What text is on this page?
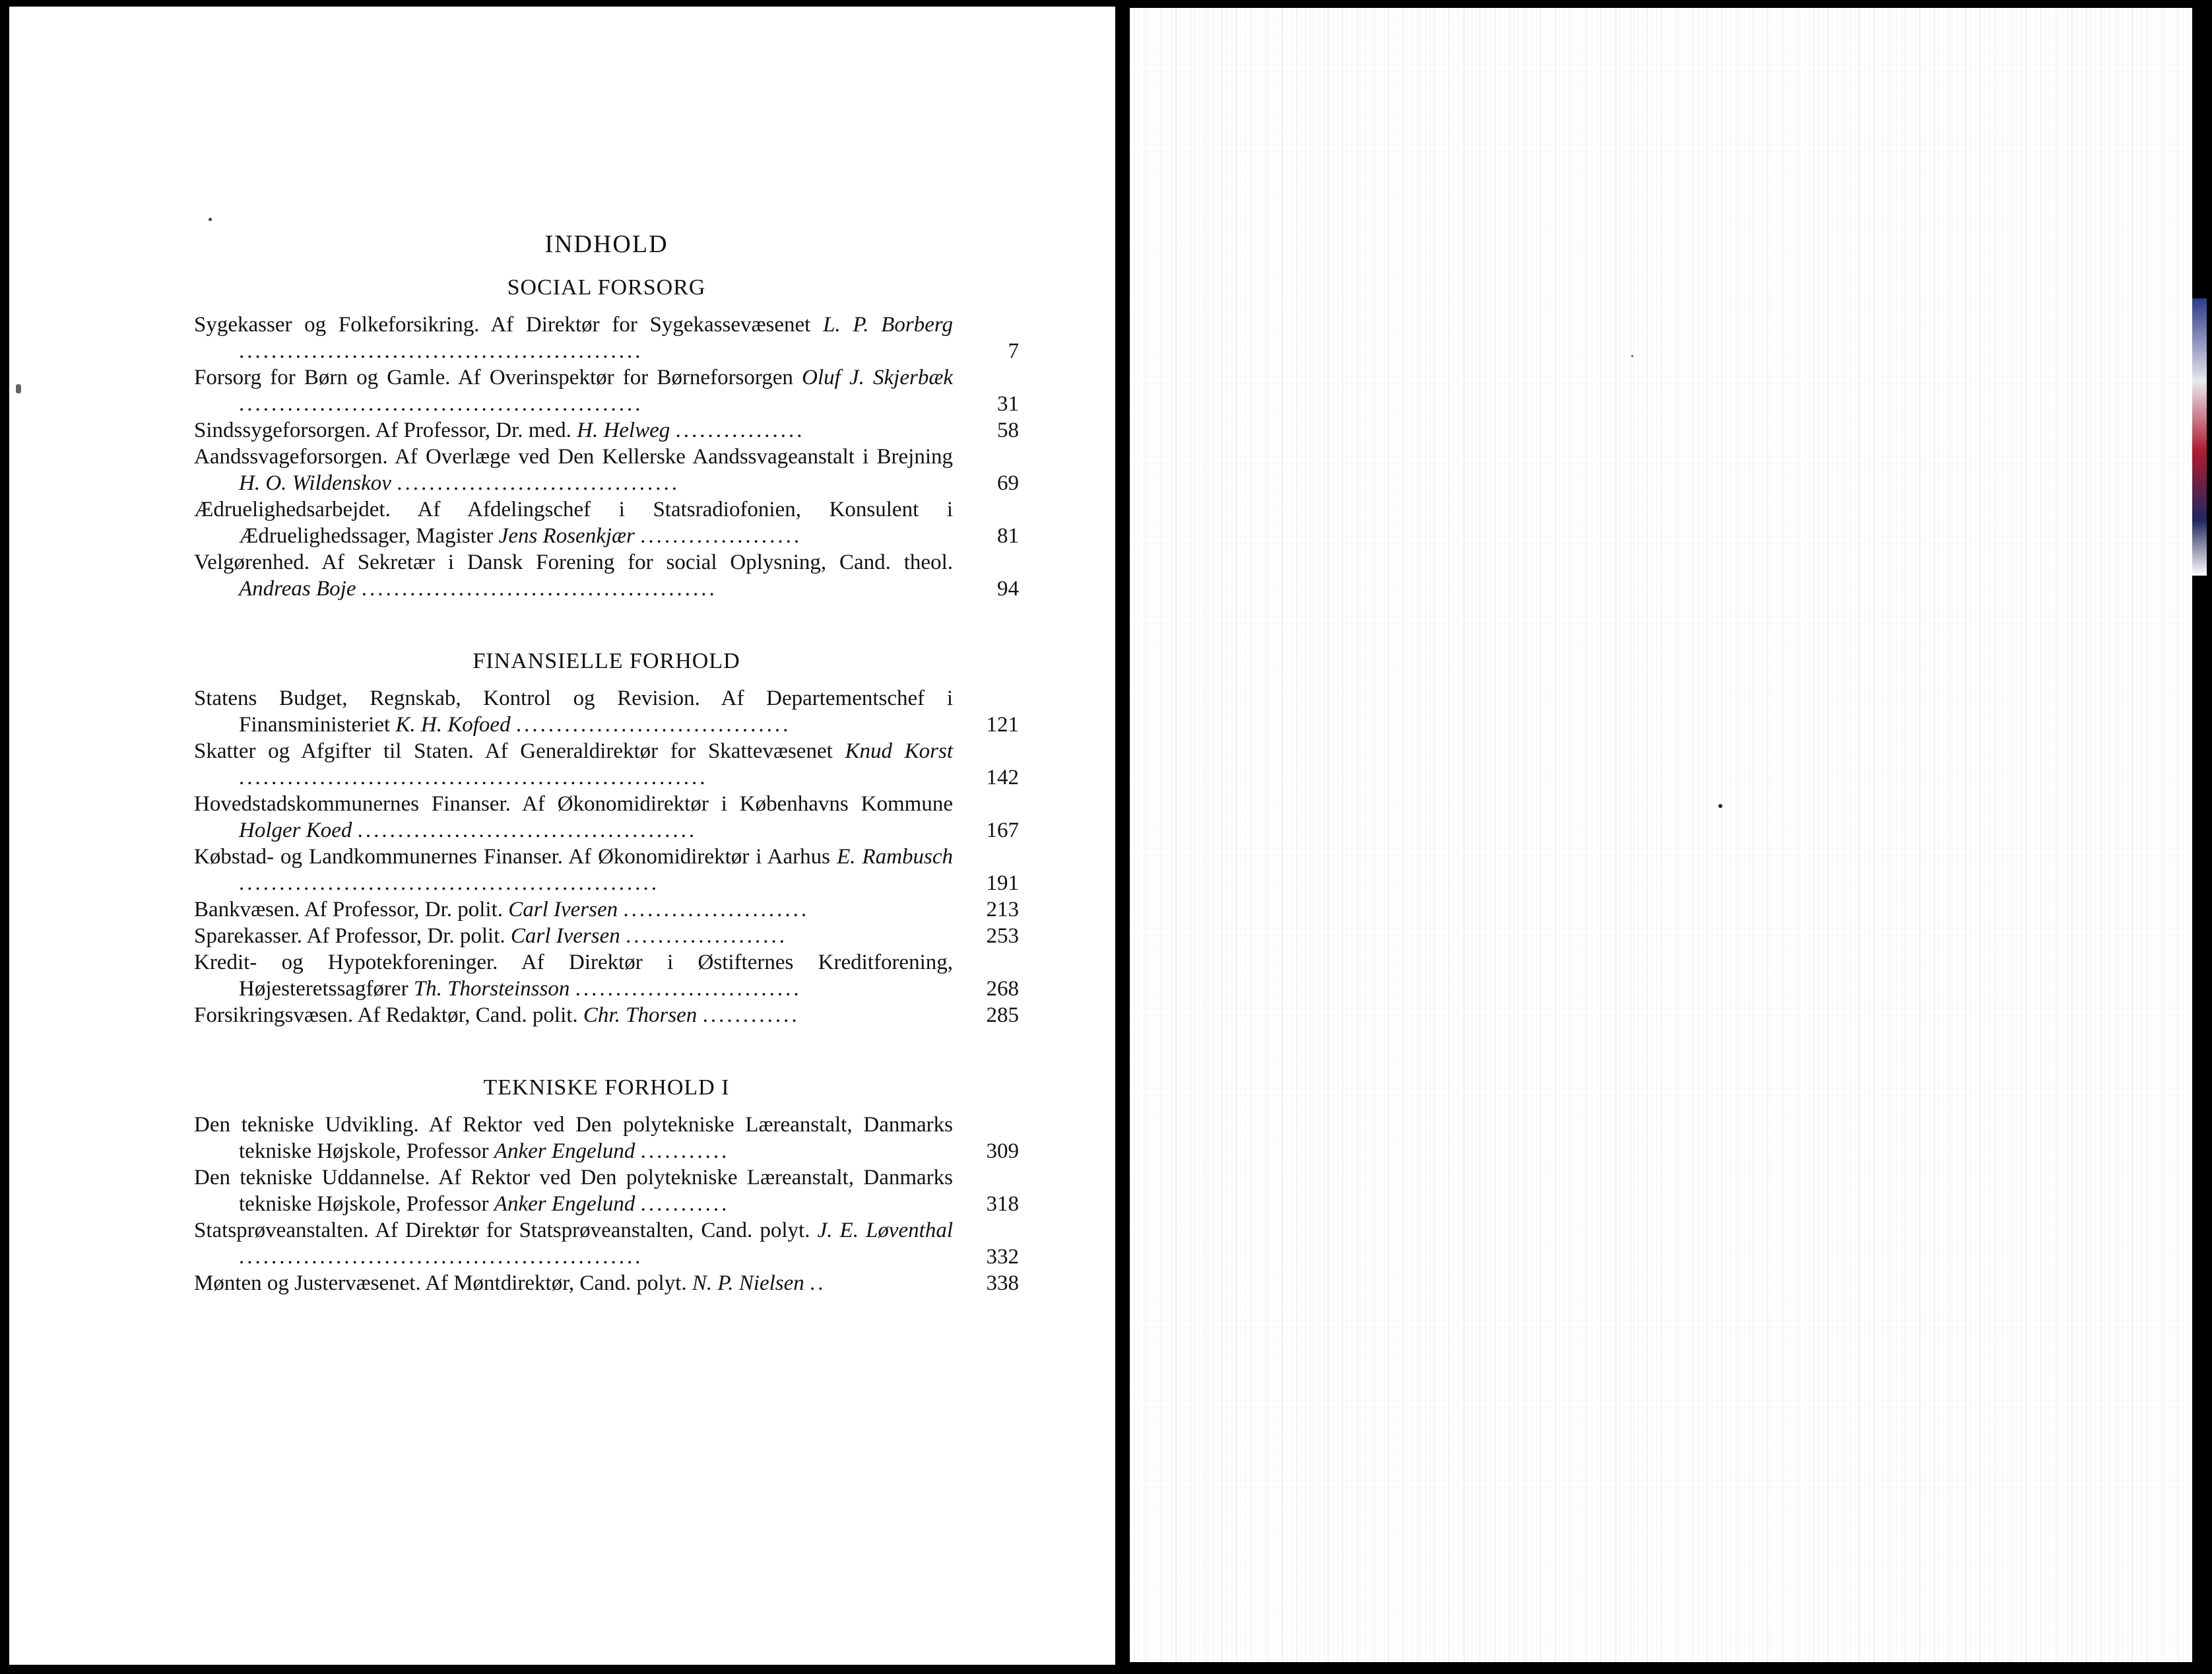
INDHOLD
SOCIAL FORSORG
Sygekasser og Folkeforsikring. Af Direktør for Sygekassevæsenet L. P. Borberg ..................................................	7
Forsorg for Børn og Gamle. Af Overinspektør for Børneforsorgen Oluf J. Skjerbæk ..................................................	31
Sindssygeforsorgen. Af Professor, Dr. med. H. Helweg ................	58
Aandssvageforsorgen. Af Overlæge ved Den Kellerske Aandssvageanstalt i Brejning H. O. Wildenskov ...................................	69
Ædruelighedsarbejdet. Af Afdelingschef i Statsradiofonien, Konsulent i Ædruelighedssager, Magister Jens Rosenkjær ....................	81
Velgørenhed. Af Sekretær i Dansk Forening for social Oplysning, Cand. theol. Andreas Boje ............................................	94
FINANSIELLE FORHOLD
Statens Budget, Regnskab, Kontrol og Revision. Af Departementschef i Finansministeriet K. H. Kofoed ..................................	121
Skatter og Afgifter til Staten. Af Generaldirektør for Skattevæsenet Knud Korst ..........................................................	142
Hovedstadskommunernes Finanser. Af Økonomidirektør i Københavns Kommune Holger Koed ..........................................	167
Købstad- og Landkommunernes Finanser. Af Økonomidirektør i Aarhus E. Rambusch ....................................................	191
Bankvæsen. Af Professor, Dr. polit. Carl Iversen .......................	213
Sparekasser. Af Professor, Dr. polit. Carl Iversen ....................	253
Kredit- og Hypotekforeninger. Af Direktør i Østifternes Kreditforening, Højesteretssagfører Th. Thorsteinsson ............................	268
Forsikringsvæsen. Af Redaktør, Cand. polit. Chr. Thorsen ............	285
TEKNISKE FORHOLD I
Den tekniske Udvikling. Af Rektor ved Den polytekniske Læreanstalt, Danmarks tekniske Højskole, Professor Anker Engelund ...........	309
Den tekniske Uddannelse. Af Rektor ved Den polytekniske Læreanstalt, Danmarks tekniske Højskole, Professor Anker Engelund ...........	318
Statsprøveanstalten. Af Direktør for Statsprøveanstalten, Cand. polyt. J. E. Løventhal ..................................................	332
Mønten og Justervæsenet. Af Møntdirektør, Cand. polyt. N. P. Nielsen ..	338
